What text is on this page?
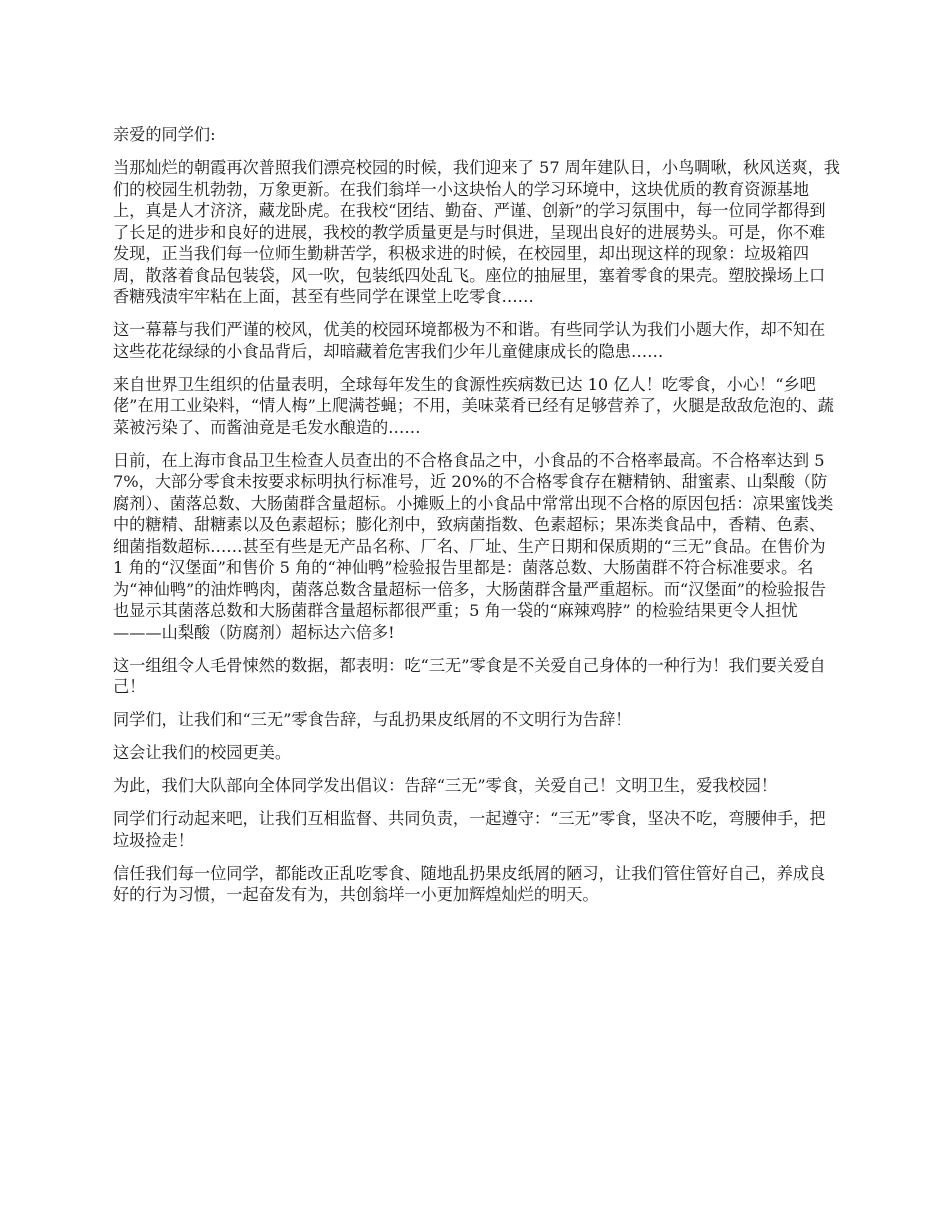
亲爱的同学们:

当那灿烂的朝霞再次普照我们漂亮校园的时候，我们迎来了 57 周年建队日，小鸟啁啾，秋风送爽，我们的校园生机勃勃，万象更新。在我们翁垟一小这块怡人的学习环境中，这块优质的教育资源基地上，真是人才济济，藏龙卧虎。在我校“团结、勤奋、严谨、创新”的学习氛围中，每一位同学都得到了长足的进步和良好的进展，我校的教学质量更是与时俱进，呈现出良好的进展势头。可是，你不难发现，正当我们每一位师生勤耕苦学，积极求进的时候，在校园里，却出现这样的现象：垃圾箱四周，散落着食品包装袋，风一吹，包装纸四处乱飞。座位的抽屉里，塞着零食的果壳。塑胶操场上口香糖残渍牢牢粘在上面，甚至有些同学在课堂上吃零食……

这一幕幕与我们严谨的校风，优美的校园环境都极为不和谐。有些同学认为我们小题大作，却不知在这些花花绿绿的小食品背后，却暗藏着危害我们少年儿童健康成长的隐患……

来自世界卫生组织的估量表明，全球每年发生的食源性疾病数已达 10 亿人！吃零食，小心！“乡吧佬”在用工业染料，“情人梅”上爬满苍蝇；不用，美味菜肴已经有足够营养了，火腿是敌敌危泡的、蔬菜被污染了、而酱油竟是毛发水酿造的……

日前，在上海市食品卫生检查人员查出的不合格食品之中，小食品的不合格率最高。不合格率达到 57%，大部分零食未按要求标明执行标准号，近 20%的不合格零食存在糖精钠、甜蜜素、山梨酸（防腐剂）、菌落总数、大肠菌群含量超标。小摊贩上的小食品中常常出现不合格的原因包括：凉果蜜饯类中的糖精、甜糖素以及色素超标；膨化剂中，致病菌指数、色素超标；果冻类食品中，香精、色素、细菌指数超标……甚至有些是无产品名称、厂名、厂址、生产日期和保质期的“三无”食品。在售价为 1 角的“汉堡面”和售价 5 角的“神仙鸭”检验报告里都是：菌落总数、大肠菌群不符合标准要求。名为“神仙鸭”的油炸鸭肉，菌落总数含量超标一倍多，大肠菌群含量严重超标。而“汉堡面”的检验报告也显示其菌落总数和大肠菌群含量超标都很严重；5 角一袋的“麻辣鸡脖” 的检验结果更令人担忧———山梨酸（防腐剂）超标达六倍多!

这一组组令人毛骨悚然的数据，都表明：吃“三无”零食是不关爱自己身体的一种行为！我们要关爱自己！

同学们，让我们和“三无”零食告辞，与乱扔果皮纸屑的不文明行为告辞！

这会让我们的校园更美。

为此，我们大队部向全体同学发出倡议：告辞“三无”零食，关爱自己！文明卫生，爱我校园！

同学们行动起来吧，让我们互相监督、共同负责，一起遵守：“三无”零食，坚决不吃，弯腰伸手，把垃圾捡走！

信任我们每一位同学，都能改正乱吃零食、随地乱扔果皮纸屑的陋习，让我们管住管好自己，养成良好的行为习惯，一起奋发有为，共创翁垟一小更加辉煌灿烂的明天。
